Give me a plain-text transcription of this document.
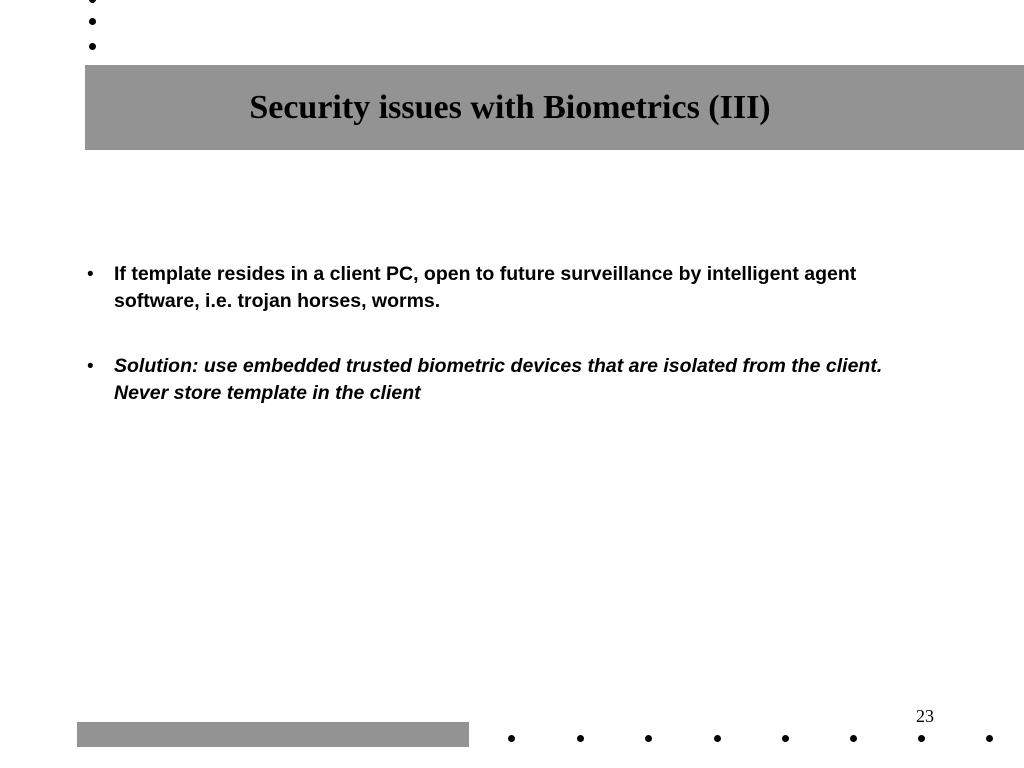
Security issues with Biometrics (III)
• If template resides in a client PC, open to future surveillance by intelligent agent software, i.e. trojan horses, worms.
• Solution: use embedded trusted biometric devices that are isolated from the client. Never store template in the client
23
